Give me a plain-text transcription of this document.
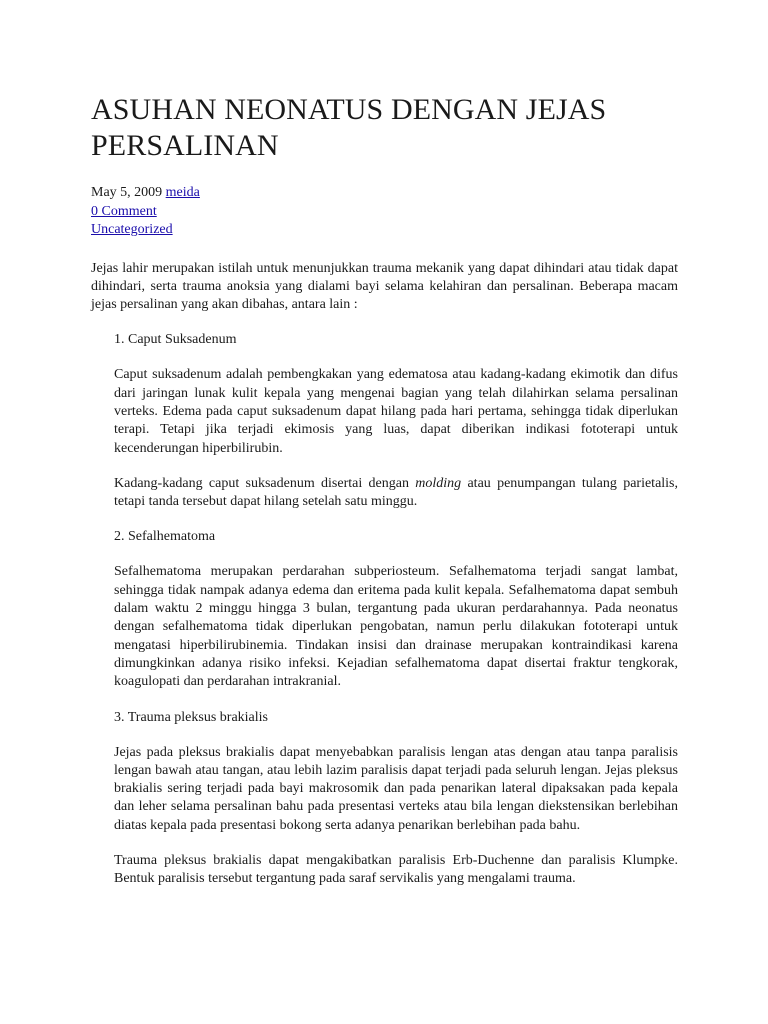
ASUHAN NEONATUS DENGAN JEJAS PERSALINAN
May 5, 2009 meida
0 Comment
Uncategorized

Jejas lahir merupakan istilah untuk menunjukkan trauma mekanik yang dapat dihindari atau tidak dapat dihindari, serta trauma anoksia yang dialami bayi selama kelahiran dan persalinan. Beberapa macam jejas persalinan yang akan dibahas, antara lain :

1. Caput Suksadenum

Caput suksadenum adalah pembengkakan yang edematosa atau kadang-kadang ekimotik dan difus dari jaringan lunak kulit kepala yang mengenai bagian yang telah dilahirkan selama persalinan verteks. Edema pada caput suksadenum dapat hilang pada hari pertama, sehingga tidak diperlukan terapi. Tetapi jika terjadi ekimosis yang luas, dapat diberikan indikasi fototerapi untuk kecenderungan hiperbilirubin.

Kadang-kadang caput suksadenum disertai dengan molding atau penumpangan tulang parietalis, tetapi tanda tersebut dapat hilang setelah satu minggu.

2. Sefalhematoma

Sefalhematoma merupakan perdarahan subperiosteum. Sefalhematoma terjadi sangat lambat, sehingga tidak nampak adanya edema dan eritema pada kulit kepala. Sefalhematoma dapat sembuh dalam waktu 2 minggu hingga 3 bulan, tergantung pada ukuran perdarahannya. Pada neonatus dengan sefalhematoma tidak diperlukan pengobatan, namun perlu dilakukan fototerapi untuk mengatasi hiperbilirubinemia. Tindakan insisi dan drainase merupakan kontraindikasi karena dimungkinkan adanya risiko infeksi. Kejadian sefalhematoma dapat disertai fraktur tengkorak, koagulopati dan perdarahan intrakranial.

3. Trauma pleksus brakialis

Jejas pada pleksus brakialis dapat menyebabkan paralisis lengan atas dengan atau tanpa paralisis lengan bawah atau tangan, atau lebih lazim paralisis dapat terjadi pada seluruh lengan. Jejas pleksus brakialis sering terjadi pada bayi makrosomik dan pada penarikan lateral dipaksakan pada kepala dan leher selama persalinan bahu pada presentasi verteks atau bila lengan diekstensikan berlebihan diatas kepala pada presentasi bokong serta adanya penarikan berlebihan pada bahu.

Trauma pleksus brakialis dapat mengakibatkan paralisis Erb-Duchenne dan paralisis Klumpke. Bentuk paralisis tersebut tergantung pada saraf servikalis yang mengalami trauma.
